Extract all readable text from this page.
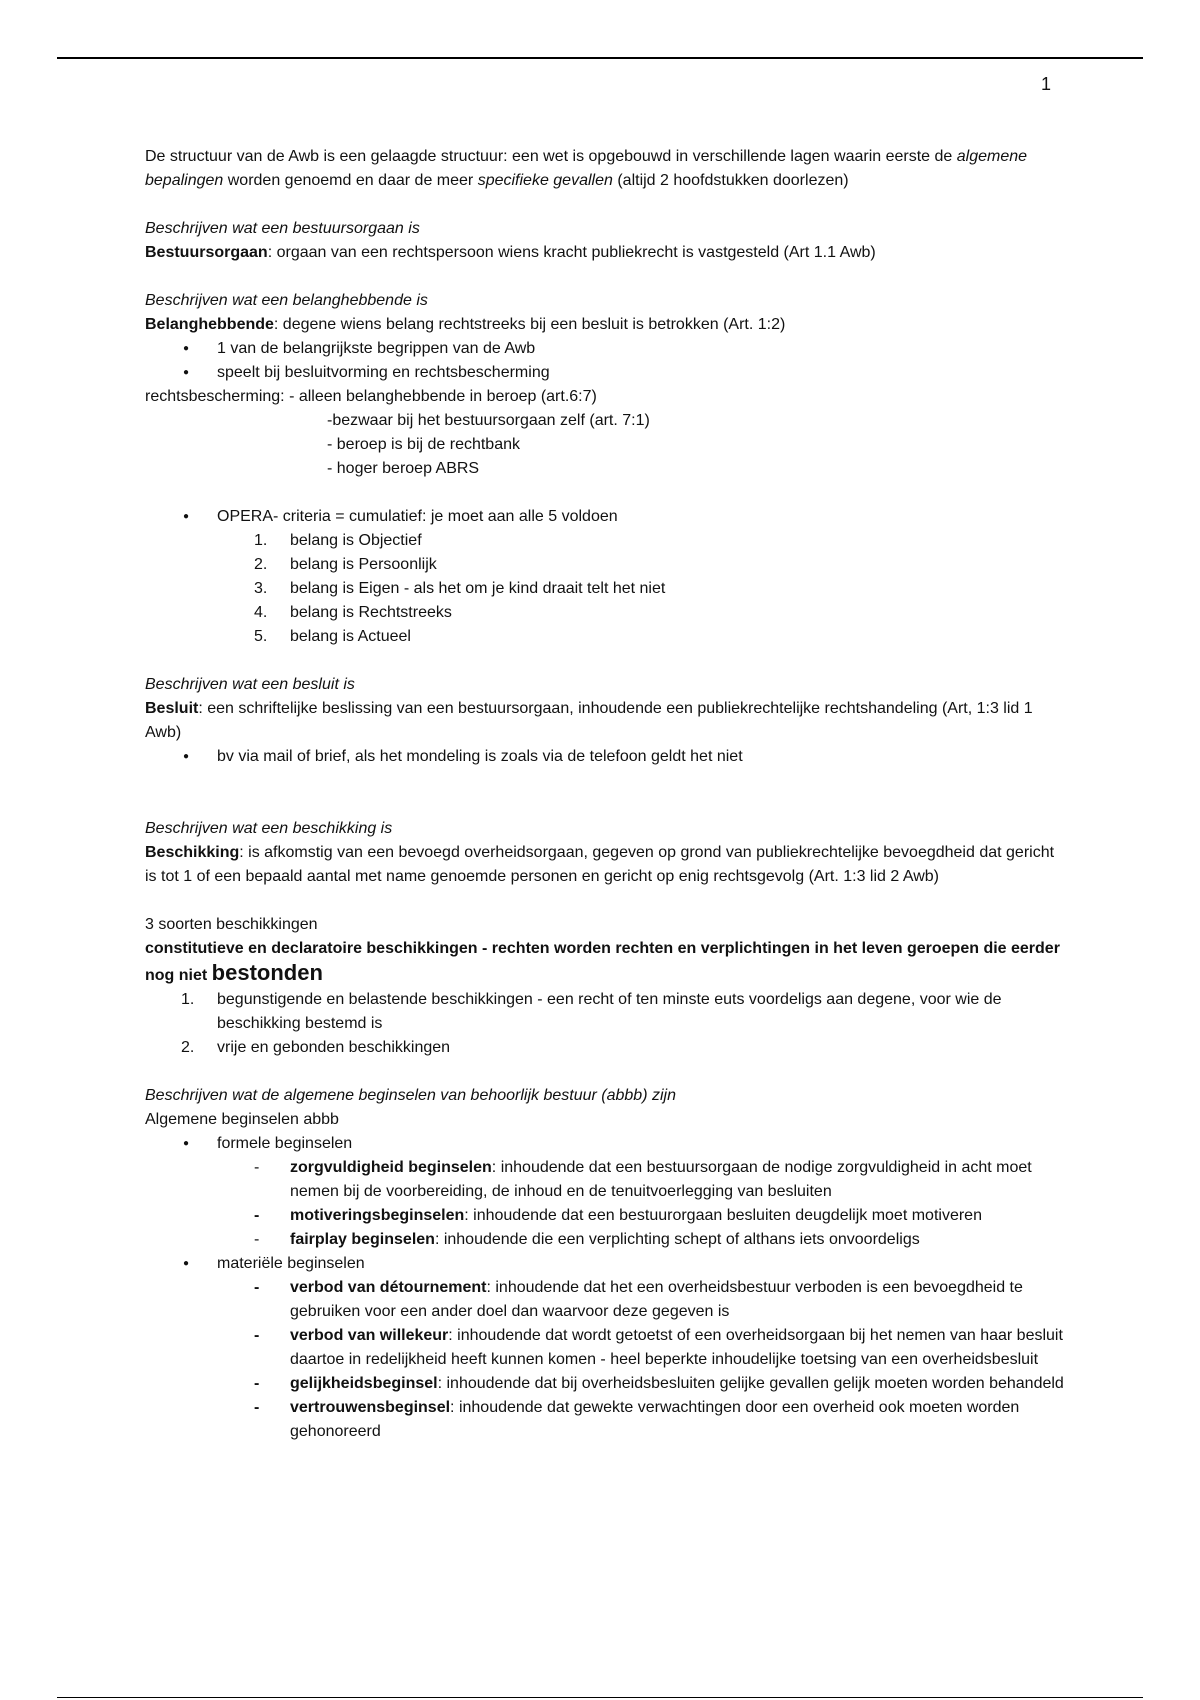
1

De structuur van de Awb is een gelaagde structuur: een wet is opgebouwd in verschillende lagen waarin eerste de algemene bepalingen worden genoemd en daar de meer specifieke gevallen (altijd 2 hoofdstukken doorlezen)

Beschrijven wat een bestuursorgaan is

Bestuursorgaan: orgaan van een rechtspersoon wiens kracht publiekrecht is vastgesteld (Art 1.1 Awb)

Beschrijven wat een belanghebbende is

Belanghebbende: degene wiens belang rechtstreeks bij een besluit is betrokken (Art. 1:2)

● 1 van de belangrijkste begrippen van de Awb
● speelt bij besluitvorming en rechtsbescherming

rechtsbescherming: - alleen belanghebbende in beroep (art.6:7)

-bezwaar bij het bestuursorgaan zelf (art. 7:1)

- beroep is bij de rechtbank

- hoger beroep ABRS

● OPERA- criteria = cumulatief: je moet aan alle 5 voldoen
1. belang is Objectief
2. belang is Persoonlijk
3. belang is Eigen - als het om je kind draait telt het niet
4. belang is Rechtstreeks
5. belang is Actueel

Beschrijven wat een besluit is

Besluit: een schriftelijke beslissing van een bestuursorgaan, inhoudende een publiekrechtelijke rechtshandeling (Art, 1:3 lid 1 Awb)

● bv via mail of brief, als het mondeling is zoals via de telefoon geldt het niet

Beschrijven wat een beschikking is

Beschikking: is afkomstig van een bevoegd overheidsorgaan, gegeven op grond van publiekrechtelijke bevoegdheid dat gericht is tot 1 of een bepaald aantal met name genoemde personen en gericht op enig rechtsgevolg (Art. 1:3 lid 2 Awb)

3 soorten beschikkingen

constitutieve en declaratoire beschikkingen - rechten worden rechten en verplichtingen in het leven geroepen die eerder nog niet bestonden

1. begunstigende en belastende beschikkingen - een recht of ten minste euts voordeligs aan degene, voor wie de beschikking bestemd is
2. vrije en gebonden beschikkingen

Beschrijven wat de algemene beginselen van behoorlijk bestuur (abbb) zijn

Algemene beginselen abbb

● formele beginselen
- zorgvuldigheid beginselen: inhoudende dat een bestuursorgaan de nodige zorgvuldigheid in acht moet nemen bij de voorbereiding, de inhoud en de tenuitvoerlegging van besluiten
- motiveringsbeginselen: inhoudende dat een bestuurorgaan besluiten deugdelijk moet motiveren
- fairplay beginselen: inhoudende die een verplichting schept of althans iets onvoordeligs
● materiële beginselen
- verbod van détournement: inhoudende dat het een overheidsbestuur verboden is een bevoegdheid te gebruiken voor een ander doel dan waarvoor deze gegeven is
- verbod van willekeur: inhoudende dat wordt getoetst of een overheidsorgaan bij het nemen van haar besluit daartoe in redelijkheid heeft kunnen komen - heel beperkte inhoudelijke toetsing van een overheidsbesluit
- gelijkheidsbeginsel: inhoudende dat bij overheidsbesluiten gelijke gevallen gelijk moeten worden behandeld
- vertrouwensbeginsel: inhoudende dat gewekte verwachtingen door een overheid ook moeten worden gehonoreerd
